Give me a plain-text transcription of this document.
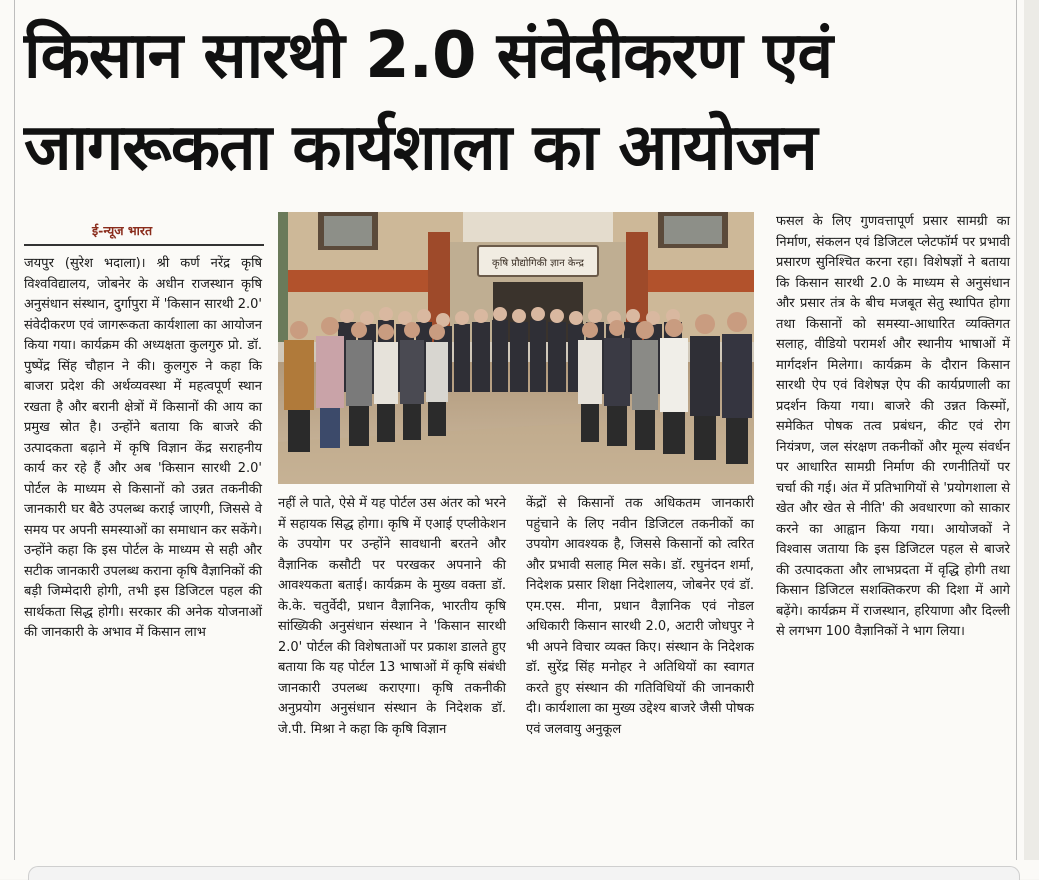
किसान सारथी 2.0 संवेदीकरण एवं जागरूकता कार्यशाला का आयोजन
ई-न्यूज भारत

जयपुर (सुरेश भदाला)। श्री कर्ण नरेंद्र कृषि विश्वविद्यालय, जोबनेर के अधीन राजस्थान कृषि अनुसंधान संस्थान, दुर्गापुरा में 'किसान सारथी 2.0' संवेदीकरण एवं जागरूकता कार्यशाला का आयोजन किया गया। कार्यक्रम की अध्यक्षता कुलगुरु प्रो. डॉ. पुष्पेंद्र सिंह चौहान ने की। कुलगुरु ने कहा कि बाजरा प्रदेश की अर्थव्यवस्था में महत्वपूर्ण स्थान रखता है और बरानी क्षेत्रों में किसानों की आय का प्रमुख स्रोत है। उन्होंने बताया कि बाजरे की उत्पादकता बढ़ाने में कृषि विज्ञान केंद्र सराहनीय कार्य कर रहे हैं और अब 'किसान सारथी 2.0' पोर्टल के माध्यम से किसानों को उन्नत तकनीकी जानकारी घर बैठे उपलब्ध कराई जाएगी, जिससे वे समय पर अपनी समस्याओं का समाधान कर सकेंगे। उन्होंने कहा कि इस पोर्टल के माध्यम से सही और सटीक जानकारी उपलब्ध कराना कृषि वैज्ञानिकों की बड़ी जिम्मेदारी होगी, तभी इस डिजिटल पहल की सार्थकता सिद्ध होगी। सरकार की अनेक योजनाओं की जानकारी के अभाव में किसान लाभ

कृषि प्रौद्योगिकी ज्ञान केन्द्र

नहीं ले पाते, ऐसे में यह पोर्टल उस अंतर को भरने में सहायक सिद्ध होगा। कृषि में एआई एप्लीकेशन के उपयोग पर उन्होंने सावधानी बरतने और वैज्ञानिक कसौटी पर परखकर अपनाने की आवश्यकता बताई। कार्यक्रम के मुख्य वक्ता डॉ. के.के. चतुर्वेदी, प्रधान वैज्ञानिक, भारतीय कृषि सांख्यिकी अनुसंधान संस्थान ने 'किसान सारथी 2.0' पोर्टल की विशेषताओं पर प्रकाश डालते हुए बताया कि यह पोर्टल 13 भाषाओं में कृषि संबंधी जानकारी उपलब्ध कराएगा। कृषि तकनीकी अनुप्रयोग अनुसंधान संस्थान के निदेशक डॉ. जे.पी. मिश्रा ने कहा कि कृषि विज्ञान

केंद्रों से किसानों तक अधिकतम जानकारी पहुंचाने के लिए नवीन डिजिटल तकनीकों का उपयोग आवश्यक है, जिससे किसानों को त्वरित और प्रभावी सलाह मिल सके। डॉ. रघुनंदन शर्मा, निदेशक प्रसार शिक्षा निदेशालय, जोबनेर एवं डॉ. एम.एस. मीना, प्रधान वैज्ञानिक एवं नोडल अधिकारी किसान सारथी 2.0, अटारी जोधपुर ने भी अपने विचार व्यक्त किए। संस्थान के निदेशक डॉ. सुरेंद्र सिंह मनोहर ने अतिथियों का स्वागत करते हुए संस्थान की गतिविधियों की जानकारी दी। कार्यशाला का मुख्य उद्देश्य बाजरे जैसी पोषक एवं जलवायु अनुकूल

फसल के लिए गुणवत्तापूर्ण प्रसार सामग्री का निर्माण, संकलन एवं डिजिटल प्लेटफॉर्म पर प्रभावी प्रसारण सुनिश्चित करना रहा। विशेषज्ञों ने बताया कि किसान सारथी 2.0 के माध्यम से अनुसंधान और प्रसार तंत्र के बीच मजबूत सेतु स्थापित होगा तथा किसानों को समस्या-आधारित व्यक्तिगत सलाह, वीडियो परामर्श और स्थानीय भाषाओं में मार्गदर्शन मिलेगा। कार्यक्रम के दौरान किसान सारथी ऐप एवं विशेषज्ञ ऐप की कार्यप्रणाली का प्रदर्शन किया गया। बाजरे की उन्नत किस्मों, समेकित पोषक तत्व प्रबंधन, कीट एवं रोग नियंत्रण, जल संरक्षण तकनीकों और मूल्य संवर्धन पर आधारित सामग्री निर्माण की रणनीतियों पर चर्चा की गई। अंत में प्रतिभागियों से 'प्रयोगशाला से खेत और खेत से नीति' की अवधारणा को साकार करने का आह्वान किया गया। आयोजकों ने विश्वास जताया कि इस डिजिटल पहल से बाजरे की उत्पादकता और लाभप्रदता में वृद्धि होगी तथा किसान डिजिटल सशक्तिकरण की दिशा में आगे बढ़ेंगे। कार्यक्रम में राजस्थान, हरियाणा और दिल्ली से लगभग 100 वैज्ञानिकों ने भाग लिया।
